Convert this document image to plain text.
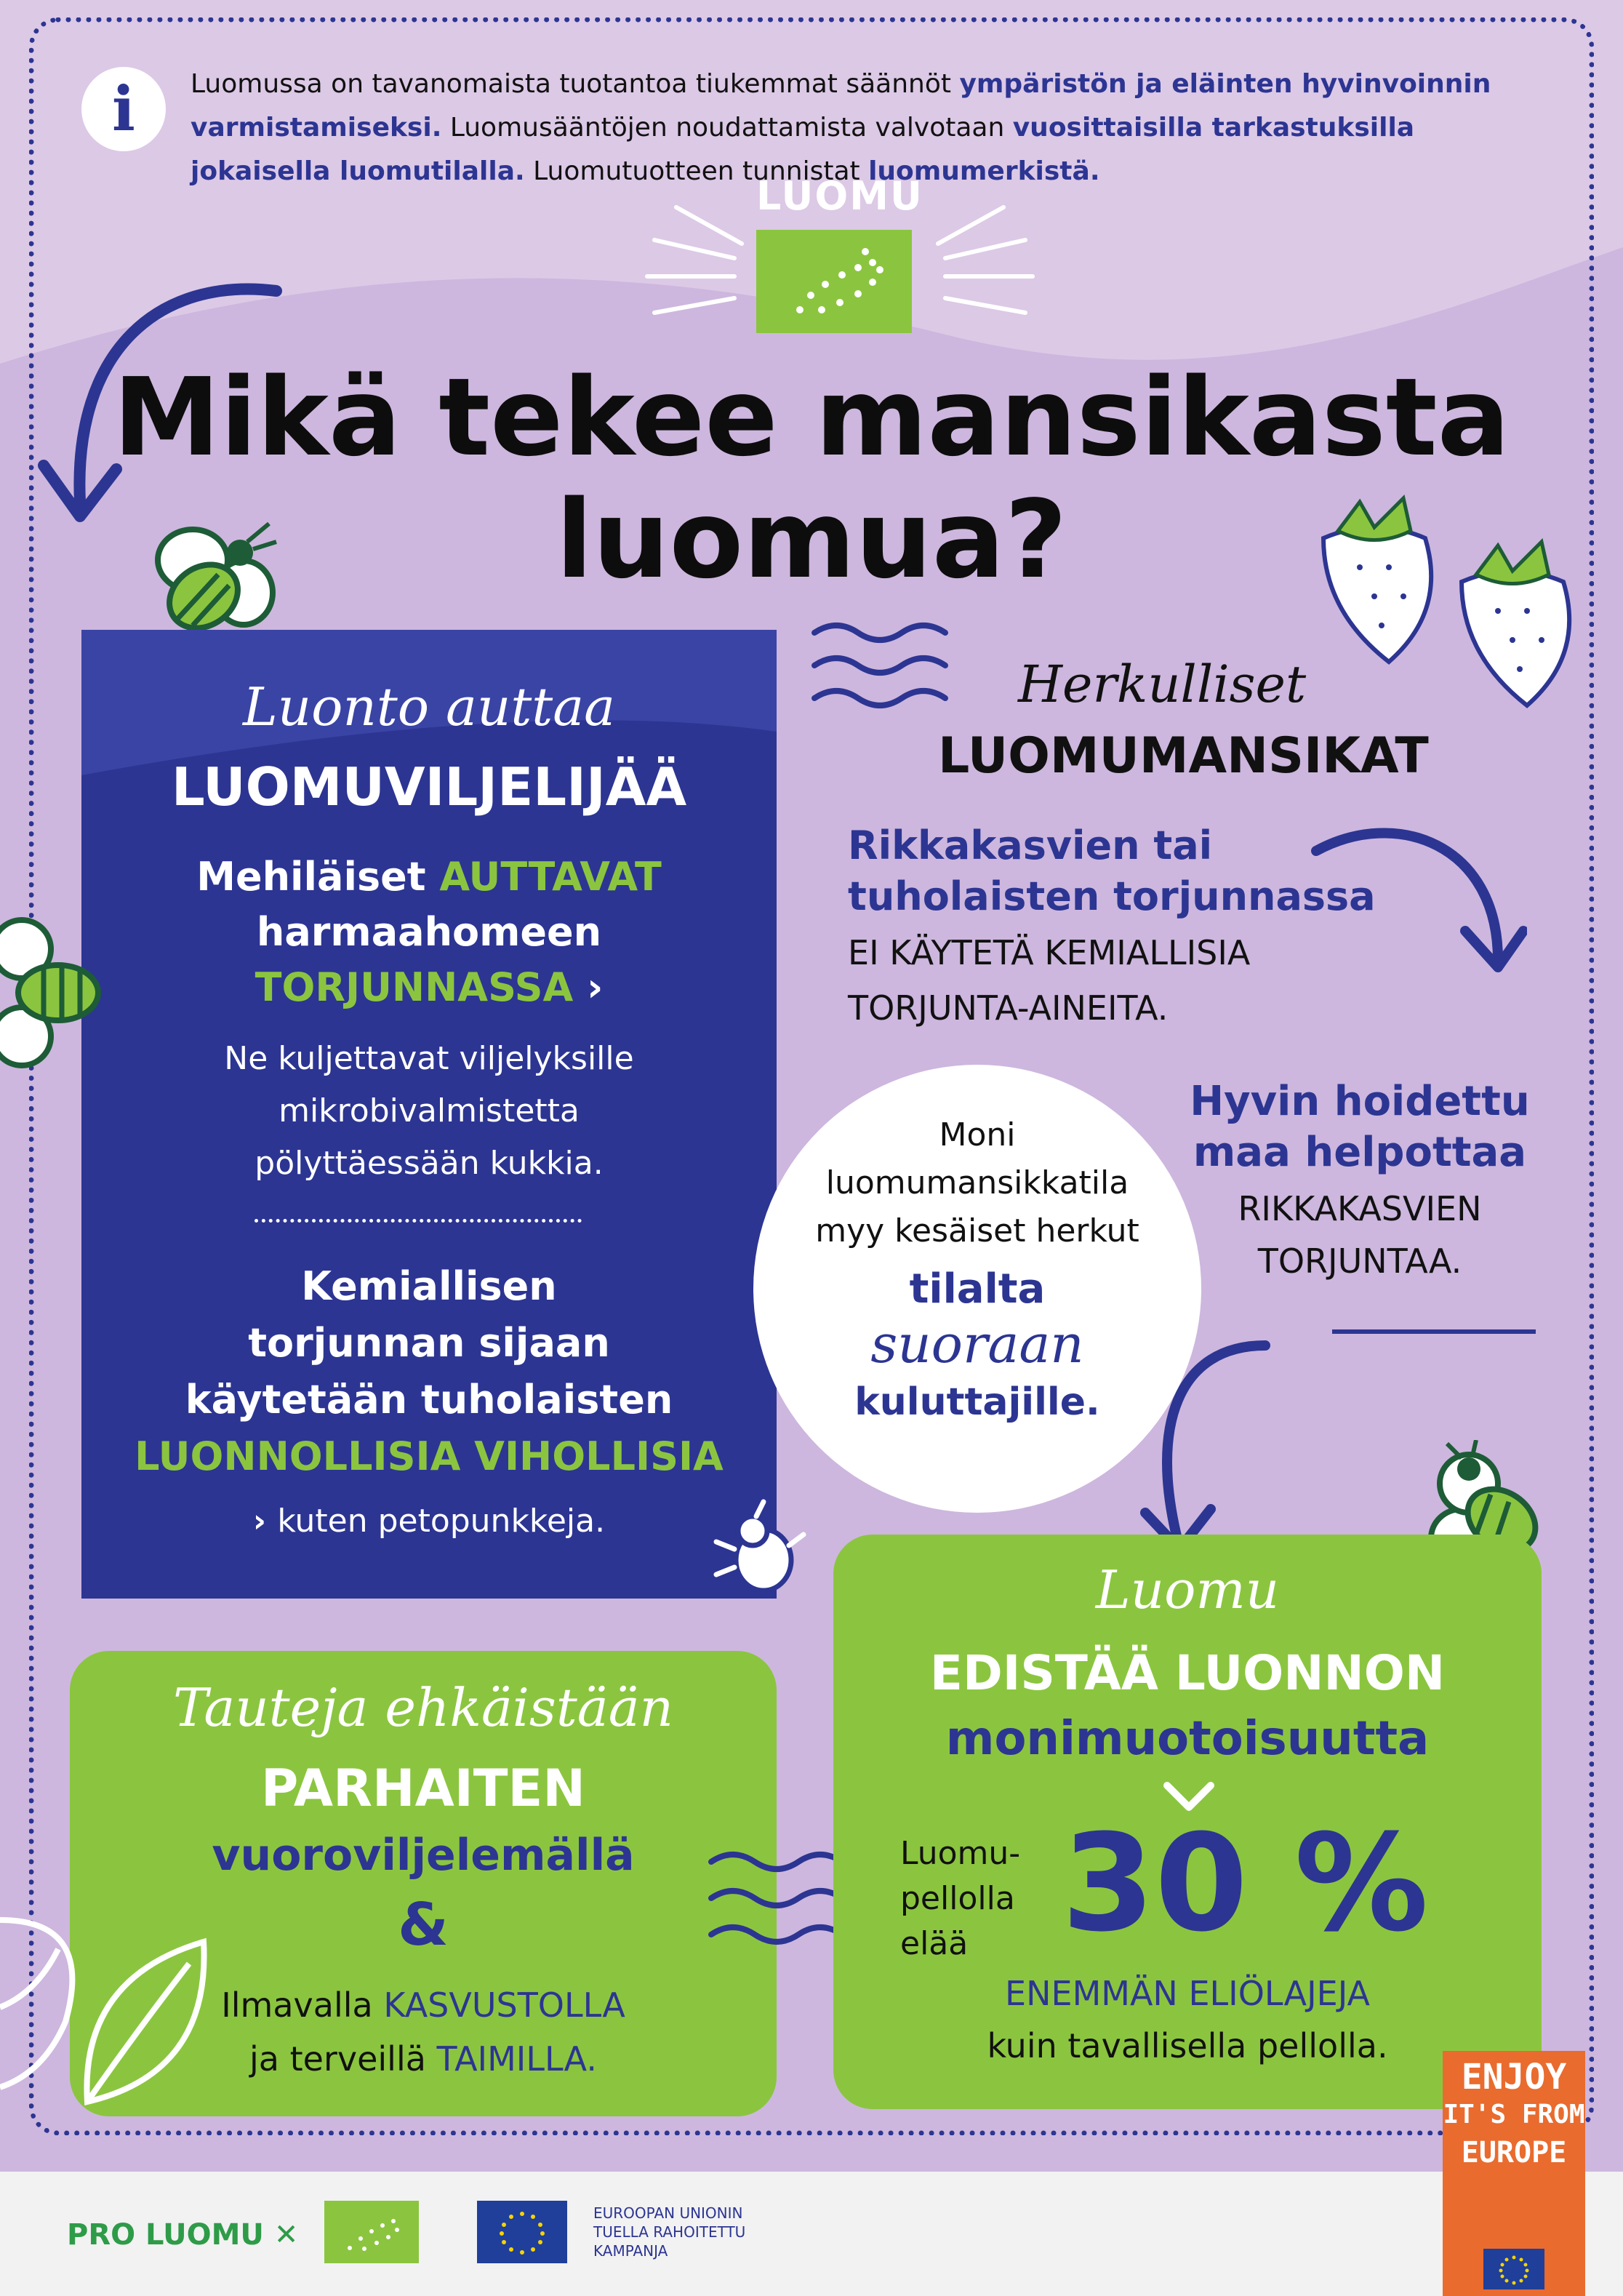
i	Luomussa on tavanomaista tuotantoa tiukemmat säännöt ympäristön ja eläinten hyvinvoinnin varmistamiseksi. Luomusääntöjen noudattamista valvotaan vuosittaisilla tarkastuksilla jokaisella luomutilalla. Luomutuotteen tunnistat luomumerkistä.
LUOMU
Mikä tekee mansikasta
luomua?
Luonto auttaa
LUOMUVILJELIJÄÄ
Mehiläiset AUTTAVAT
harmaahomeen
TORJUNNASSA ›
Ne kuljettavat viljelyksille
mikrobivalmistetta
pölyttäessään kukkia.
Kemiallisen
torjunnan sijaan
käytetään tuholaisten
LUONNOLLISIA VIHOLLISIA
› kuten petopunkkeja.
Herkulliset
LUOMUMANSIKAT
Rikkakasvien tai
tuholaisten torjunnassa
EI KÄYTETÄ KEMIALLISIA
TORJUNTA-AINEITA.
Hyvin hoidettu
maa helpottaa
RIKKAKASVIEN
TORJUNTAA.
Moni
luomumansikkatila
myy kesäiset herkut
tilalta
suoraan
kuluttajille.
Tauteja ehkäistään
PARHAITEN
vuoroviljelemällä
&
Ilmavalla KASVUSTOLLA
ja terveillä TAIMILLA.
Luomu
EDISTÄÄ LUONNON
monimuotoisuutta
Luomu-
pellolla
elää 30 %
ENEMMÄN ELIÖLAJEJA
kuin tavallisella pellolla.
PRO LUOMU ✕
EUROOPAN UNIONIN
TUELLA RAHOITETTU
KAMPANJA
ENJOY
IT'S FROM
EUROPE
